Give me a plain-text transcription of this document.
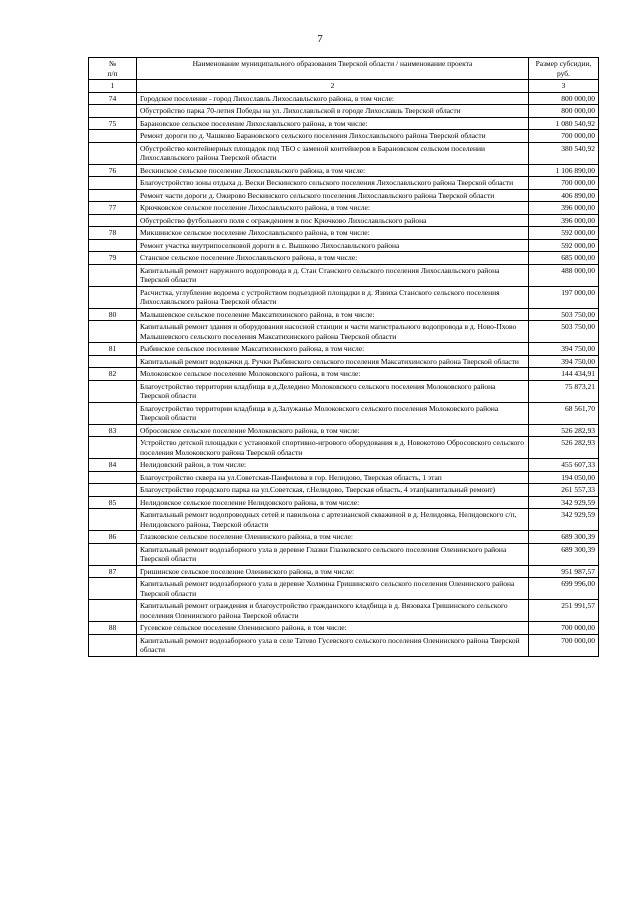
7
№
п/п	Наименование муниципального образования Тверской области / наименование проекта	Размер субсидии, руб.
1	2	3
74	Городское поселение - город Лихославль Лихославльского района, в том числе:	800 000,00
	Обустройство парка 70-летия Победы на ул. Лихославльской в городе Лихославль Тверской области	800 000,00
75	Барановское сельское поселение Лихославльского района, в том числе:	1 080 540,92
	Ремонт дороги по д. Чашково Барановского сельского поселения Лихославльского района Тверской области	700 000,00
	Обустройство контейнерных площадок под ТБО с заменой контейнеров в Барановском сельском поселении Лихославльского района Тверской области	380 540,92
76	Вескинское сельское поселение Лихославльского района, в том числе:	1 106 890,00
	Благоустройство зоны отдыха д. Вески Вескинского сельского поселения Лихославльского района Тверской области	700 000,00
	Ремонт части дороги д. Ожирово Вескинского сельского поселения Лихославльского района Тверской области	406 890,00
77	Крючковское сельское поселение Лихославльского района, в том числе:	396 000,00
	Обустройство футбольного поля с ограждением в пос Крючково Лихославльского района	396 000,00
78	Микшинское сельское поселение Лихославльского района, в том числе:	592 000,00
	Ремонт участка внутрипоселковой дороги в с. Вышково Лихославльского района	592 000,00
79	Станское сельское поселение Лихославльского района, в том числе:	685 000,00
	Капитальный ремонт наружного водопровода в д. Стан Станского сельского поселения Лихославльского района Тверской области	488 000,00
	Расчистка, углубление водоема с устройством подъездной площадки в д. Язвиха Станского сельского поселения Лихославльского района Тверской области	197 000,00
80	Малышевское сельское поселение Максатихинского района, в том числе:	503 750,00
	Капитальный ремонт здания и оборудования насосной станции и части магистрального водопровода в д. Ново-Пхово Малышевского сельского поселения Максатихинского района Тверской области	503 750,00
81	Рыбинское сельское поселение Максатихинского района, в том числе:	394 750,00
	Капитальный ремонт водокачки д. Ручки Рыбинского сельского поселения Максатихинского района Тверской области	394 750,00
82	Молоковское сельское поселение Молоковского района, в том числе:	144 434,91
	Благоустройство территории кладбища в д.Деледино Молоковского сельского поселения Молоковского района Тверской области	75 873,21
	Благоустройство территории кладбища в д.Залужанье Молоковского сельского поселения Молоковского района Тверской области	68 561,70
83	Обросовское сельское поселение Молоковского района, в том числе:	526 282,93
	Устройство детской площадки с установкой спортивно-игрового оборудования в д. Новокотово Обросовского сельского поселения Молоковского района Тверской области	526 282,93
84	Нелидовский район, в том числе:	455 607,33
	Благоустройство сквера на ул.Советская-Панфилова в гор. Нелидово, Тверская область, 1 этап	194 050,00
	Благоустройство городского парка на ул.Советская, г.Нелидово, Тверская область, 4 этап(капитальный ремонт)	261 557,33
85	Нелидовское сельское поселение Нелидовского района, в том числе:	342 929,59
	Капитальный ремонт водопроводных сетей и павильона с артезианской скважиной в д. Нелидовка, Нелидовского с/п, Нелидовского района, Тверской области	342 929,59
86	Глазковское сельское поселение Оленинского района, в том числе:	689 300,39
	Капитальный ремонт водозаборного узла в деревне Глазки Глазковского сельского поселения Оленинского района Тверской области	689 300,39
87	Гришинское сельское поселение Оленинского района, в том числе:	951 987,57
	Капитальный ремонт водозаборного узла в деревне Холмина Гришинского сельского поселения Оленинского района Тверской области	699 996,00
	Капитальный ремонт ограждения и благоустройство гражданского кладбища в д. Вязоваха Гришинского сельского поселения Оленинского района Тверской области	251 991,57
88	Гусевское сельское поселение Оленинского района, в том числе:	700 000,00
	Капитальный ремонт водозаборного узла в селе Татево Гусевского сельского поселения Оленинского района Тверской области	700 000,00
